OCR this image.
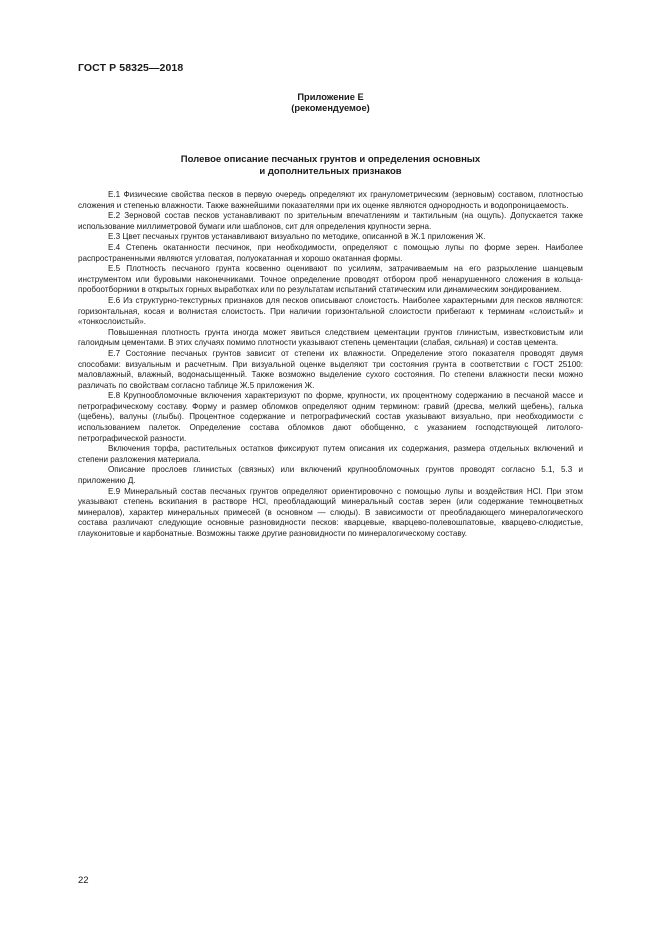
ГОСТ Р 58325—2018
Приложение Е
(рекомендуемое)
Полевое описание песчаных грунтов и определения основных
и дополнительных признаков

Е.1 Физические свойства песков в первую очередь определяют их гранулометрическим (зерновым) составом, плотностью сложения и степенью влажности. Также важнейшими показателями при их оценке являются однородность и водопроницаемость.

Е.2 Зерновой состав песков устанавливают по зрительным впечатлениям и тактильным (на ощупь). Допускается также использование миллиметровой бумаги или шаблонов, сит для определения крупности зерна.

Е.3 Цвет песчаных грунтов устанавливают визуально по методике, описанной в Ж.1 приложения Ж.

Е.4 Степень окатанности песчинок, при необходимости, определяют с помощью лупы по форме зерен. Наиболее распространенными являются угловатая, полуокатанная и хорошо окатанная формы.

Е.5 Плотность песчаного грунта косвенно оценивают по усилиям, затрачиваемым на его разрыхление шанцевым инструментом или буровыми наконечниками. Точное определение проводят отбором проб ненарушенного сложения в кольца-пробоотборники в открытых горных выработках или по результатам испытаний статическим или динамическим зондированием.

Е.6 Из структурно-текстурных признаков для песков описывают слоистость. Наиболее характерными для песков являются: горизонтальная, косая и волнистая слоистость. При наличии горизонтальной слоистости прибегают к терминам «слоистый» и «тонкослоистый».

Повышенная плотность грунта иногда может явиться следствием цементации грунтов глинистым, известковистым или галоидным цементами. В этих случаях помимо плотности указывают степень цементации (слабая, сильная) и состав цемента.

Е.7 Состояние песчаных грунтов зависит от степени их влажности. Определение этого показателя проводят двумя способами: визуальным и расчетным. При визуальной оценке выделяют три состояния грунта в соответствии с ГОСТ 25100: маловлажный, влажный, водонасыщенный. Также возможно выделение сухого состояния. По степени влажности пески можно различать по свойствам согласно таблице Ж.5 приложения Ж.

Е.8 Крупнообломочные включения характеризуют по форме, крупности, их процентному содержанию в песчаной массе и петрографическому составу. Форму и размер обломков определяют одним термином: гравий (дресва, мелкий щебень), галька (щебень), валуны (глыбы). Процентное содержание и петрографический состав указывают визуально, при необходимости с использованием палеток. Определение состава обломков дают обобщенно, с указанием господствующей литолого-петрографической разности.

Включения торфа, растительных остатков фиксируют путем описания их содержания, размера отдельных включений и степени разложения материала.

Описание прослоев глинистых (связных) или включений крупнообломочных грунтов проводят согласно 5.1, 5.3 и приложению Д.

Е.9 Минеральный состав песчаных грунтов определяют ориентировочно с помощью лупы и воздействия HCl. При этом указывают степень вскипания в растворе HCl, преобладающий минеральный состав зерен (или содержание темноцветных минералов), характер минеральных примесей (в основном — слюды). В зависимости от преобладающего минералогического состава различают следующие основные разновидности песков: кварцевые, кварцево-полевошпатовые, кварцево-слюдистые, глауконитовые и карбонатные. Возможны также другие разновидности по минералогическому составу.

22
